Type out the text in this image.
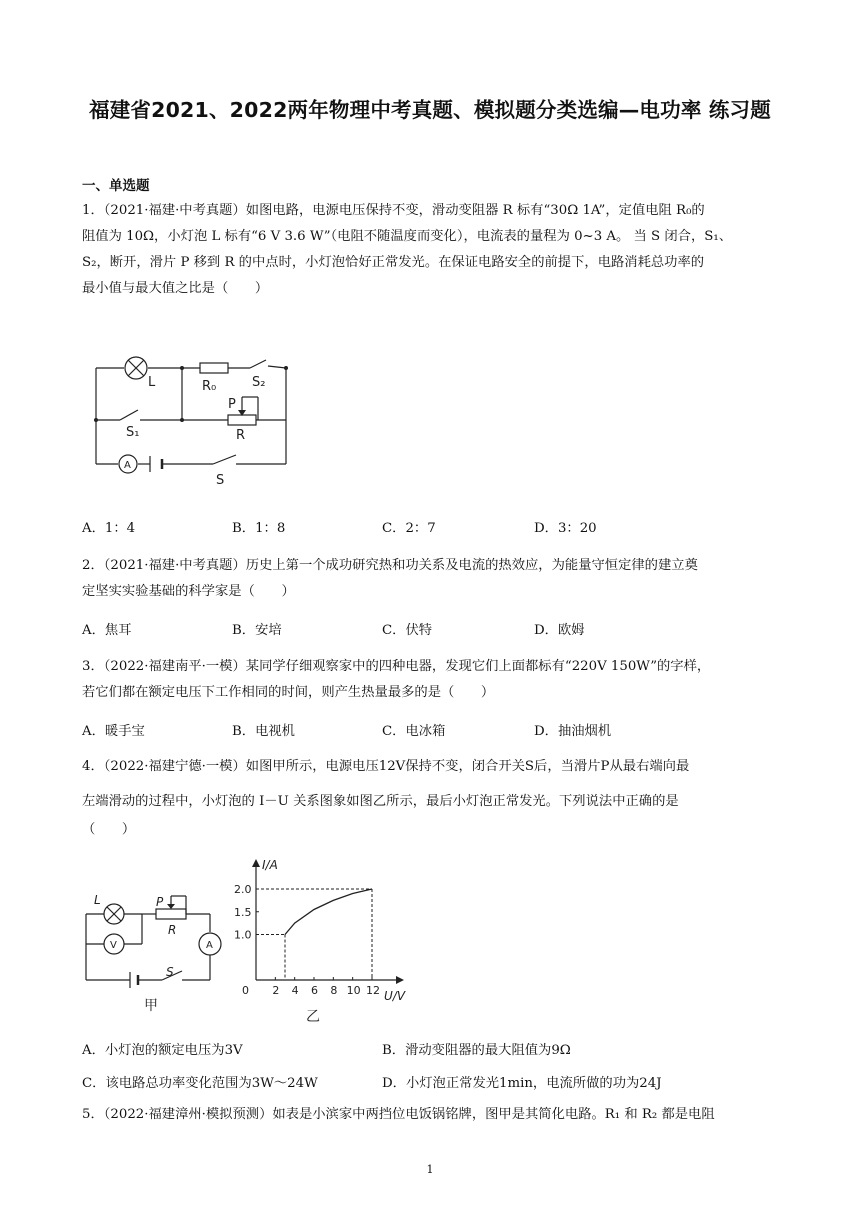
福建省2021、2022两年物理中考真题、模拟题分类选编—电功率 练习题
一、单选题
1．（2021·福建·中考真题）如图电路，电源电压保持不变，滑动变阻器 R 标有“30Ω 1A”，定值电阻 R₀的
阻值为 10Ω，小灯泡 L 标有“6 V 3.6 W”（电阻不随温度而变化），电流表的量程为 0~3 A。 当 S 闭合，S₁、
S₂，断开，滑片 P 移到 R 的中点时，小灯泡恰好正常发光。在保证电路安全的前提下，电路消耗总功率的
最小值与最大值之比是（　　）
L	R₀	S₂
P
R
S₁
A
S
A．1：4	B．1：8	C．2：7	D．3：20
2．（2021·福建·中考真题）历史上第一个成功研究热和功关系及电流的热效应，为能量守恒定律的建立奠
定坚实实验基础的科学家是（　　）
A．焦耳	B．安培	C．伏特	D．欧姆
3．（2022·福建南平·一模）某同学仔细观察家中的四种电器，发现它们上面都标有“220V 150W”的字样，
若它们都在额定电压下工作相同的时间，则产生热量最多的是（　　）
A．暖手宝	B．电视机	C．电冰箱	D．抽油烟机
4．（2022·福建宁德·一模）如图甲所示，电源电压12V保持不变，闭合开关S后，当滑片P从最右端向最
左端滑动的过程中，小灯泡的 I－U 关系图象如图乙所示，最后小灯泡正常发光。下列说法中正确的是
（　　）
L	P
R
S
V	A
甲
0 2 4 6 8 10 12
1.0
1.5
2.0
U/V
I/A
乙
A．小灯泡的额定电压为3V	B．滑动变阻器的最大阻值为9Ω
C．该电路总功率变化范围为3W～24W	D．小灯泡正常发光1min，电流所做的功为24J
5．（2022·福建漳州·模拟预测）如表是小滨家中两挡位电饭锅铭牌，图甲是其简化电路。R₁ 和 R₂ 都是电阻
1
